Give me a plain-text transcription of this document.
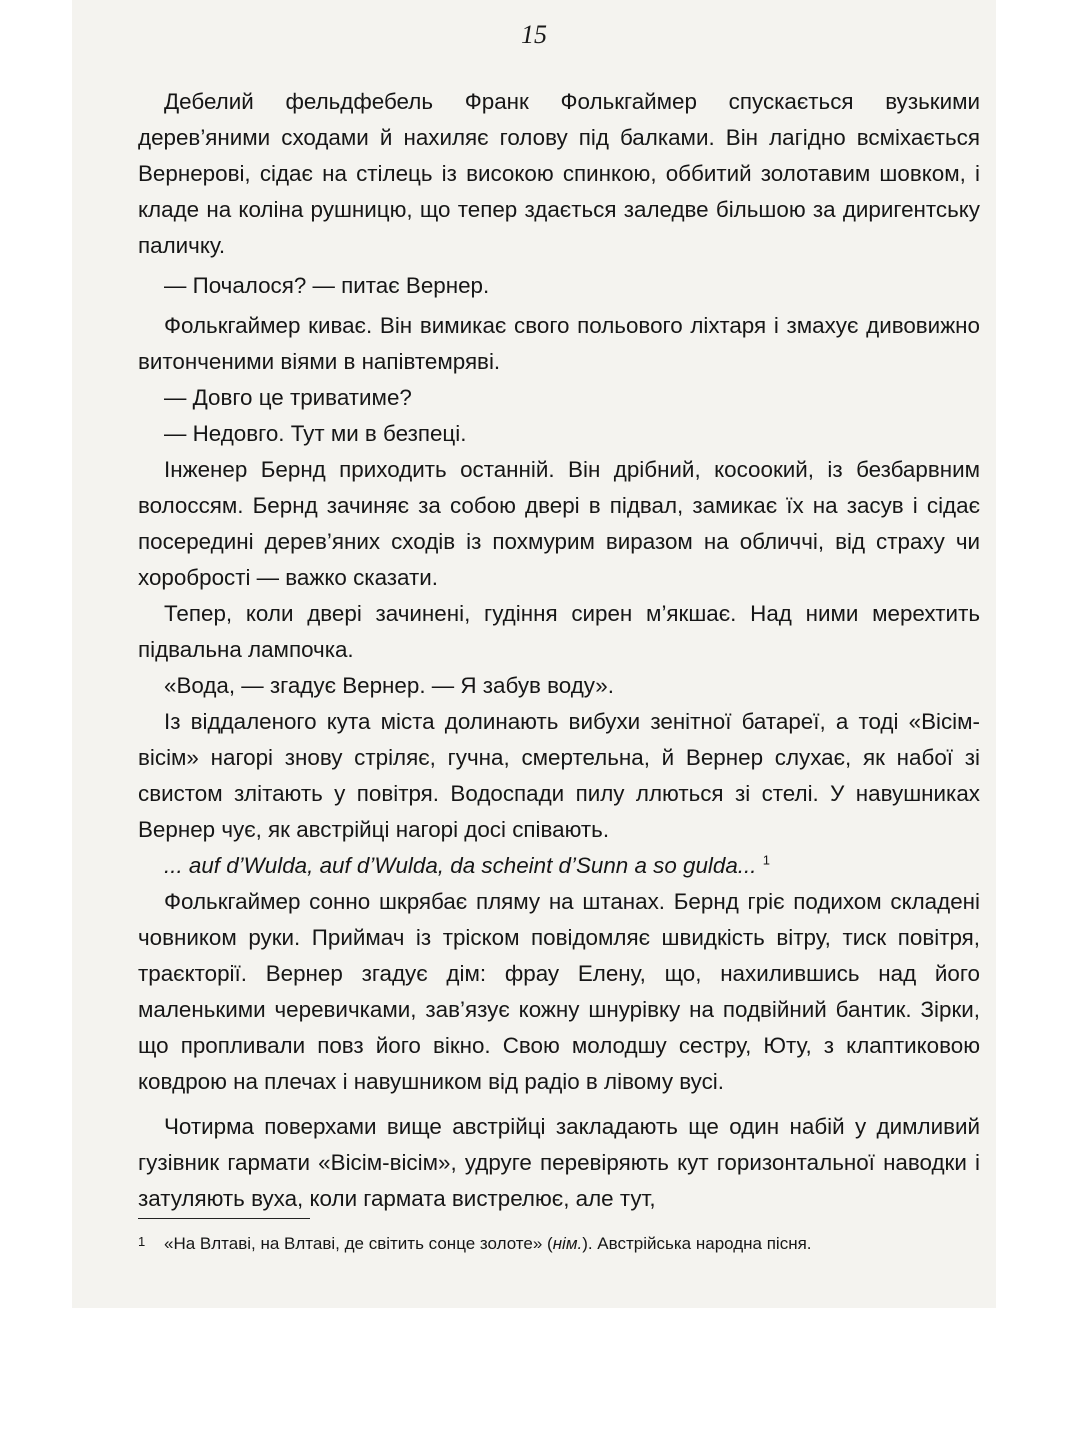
15

Дебелий фельдфебель Франк Фолькгаймер спускається вузькими дерев’яними сходами й нахиляє голову під балками. Він лагідно всміхається Вернерові, сідає на стілець із високою спинкою, оббитий золотавим шовком, і кладе на коліна рушницю, що тепер здається заледве більшою за диригентську паличку.

— Почалося? — питає Вернер.

Фолькгаймер киває. Він вимикає свого польового ліхтаря і змахує дивовижно витонченими віями в напівтемряві.

— Довго це триватиме?

— Недовго. Тут ми в безпеці.

Інженер Бернд приходить останній. Він дрібний, косоокий, із безбарвним волоссям. Бернд зачиняє за собою двері в підвал, замикає їх на засув і сідає посередині дерев’яних сходів із похмурим виразом на обличчі, від страху чи хоробрості — важко сказати.

Тепер, коли двері зачинені, гудіння сирен м’якшає. Над ними мерехтить підвальна лампочка.

«Вода, — згадує Вернер. — Я забув воду».

Із віддаленого кута міста долинають вибухи зенітної батареї, а тоді «Вісім-вісім» нагорі знову стріляє, гучна, смертельна, й Вернер слухає, як набої зі свистом злітають у повітря. Водоспади пилу ллються зі стелі. У навушниках Вернер чує, як австрійці нагорі досі співають.

... auf d’Wulda, auf d’Wulda, da scheint d’Sunn a so gulda... $^1$

Фолькгаймер сонно шкрябає пляму на штанах. Бернд гріє подихом складені човником руки. Приймач із тріском повідомляє швидкість вітру, тиск повітря, траєкторії. Вернер згадує дім: фрау Елену, що, нахилившись над його маленькими черевичками, зав’язує кожну шнурівку на подвійний бантик. Зірки, що пропливали повз його вікно. Свою молодшу сестру, Юту, з клаптиковою ковдрою на плечах і навушником від радіо в лівому вусі.

Чотирма поверхами вище австрійці закладають ще один набій у димливий гузівник гармати «Вісім-вісім», удруге перевіряють кут горизонтальної наводки і затуляють вуха, коли гармата вистрелює, але тут,

1 «На Влтаві, на Влтаві, де світить сонце золоте» (нім.). Австрійська народна пісня.
